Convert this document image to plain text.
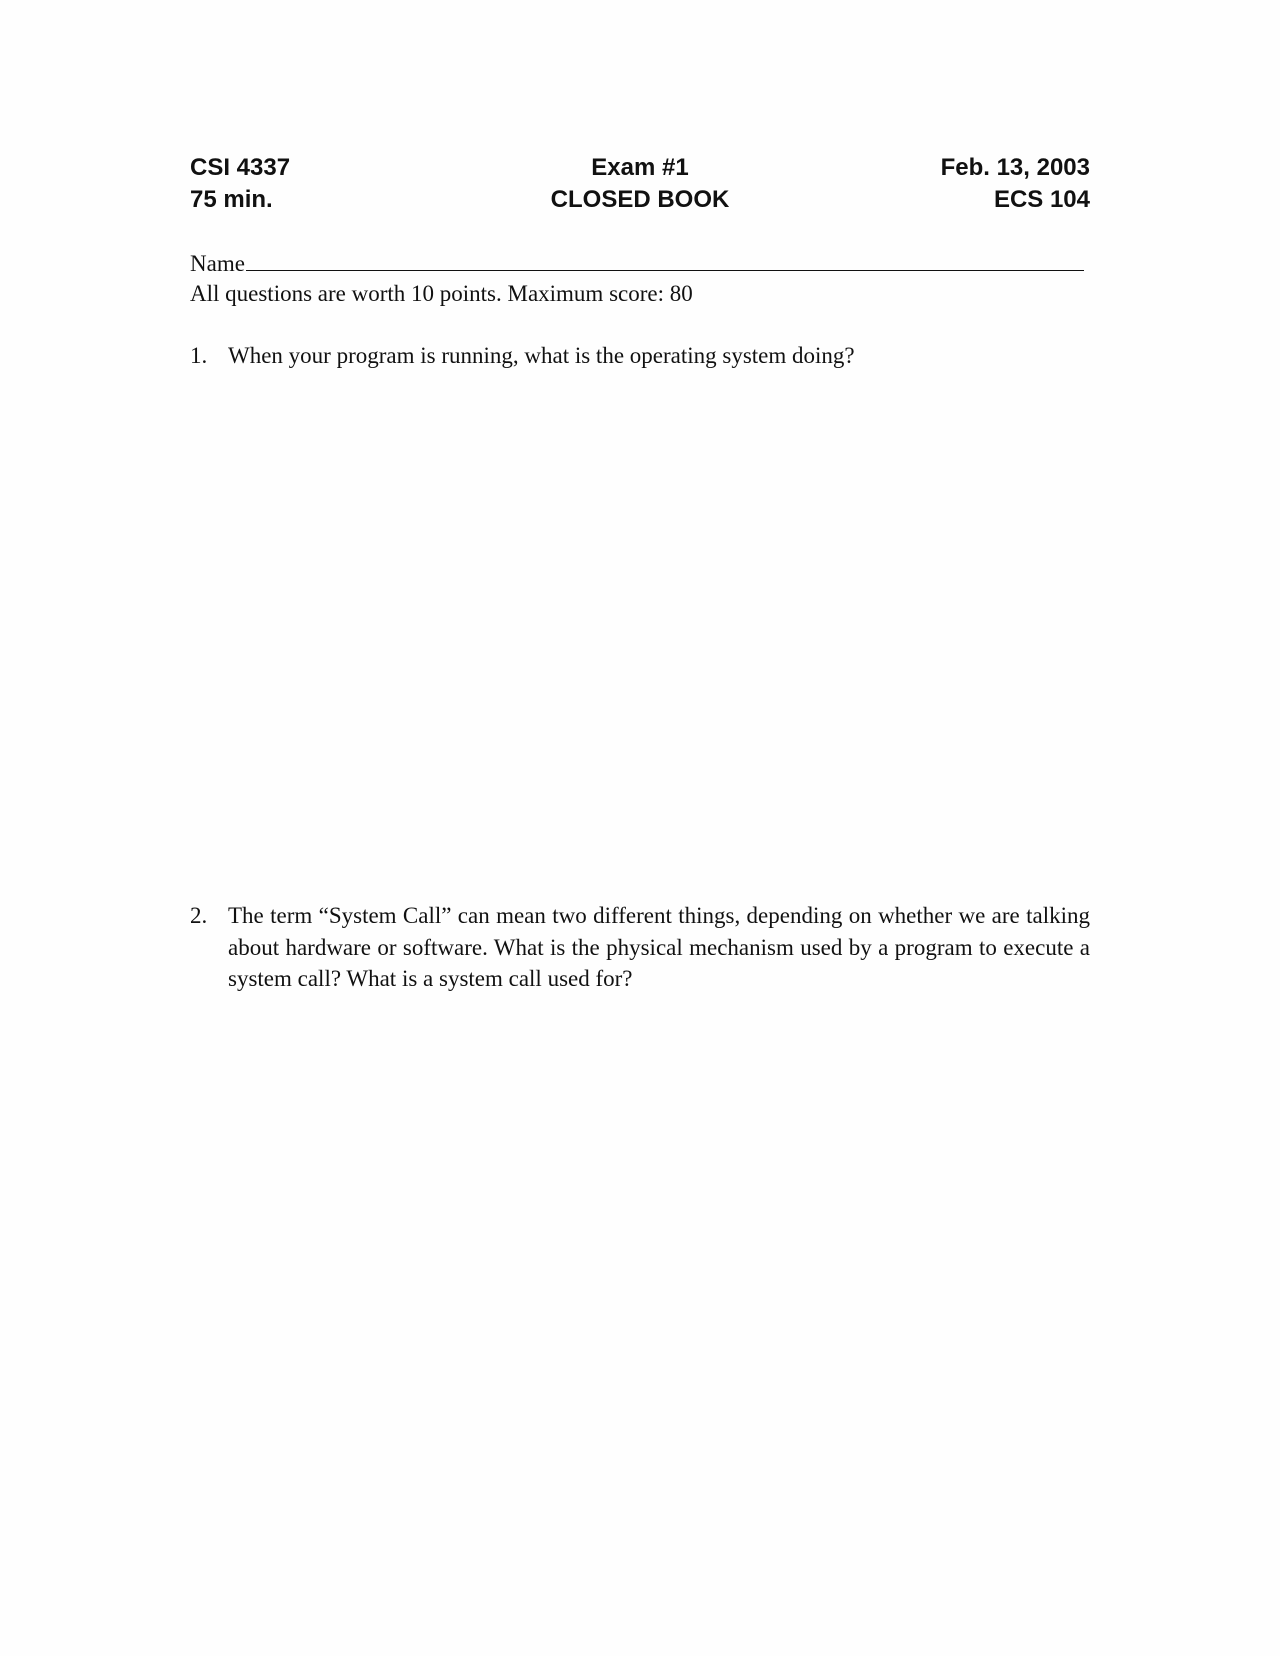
CSI 4337
75 min.
Exam #1
CLOSED BOOK
Feb. 13, 2003
ECS 104
Name
All questions are worth 10 points. Maximum score: 80
1. When your program is running, what is the operating system doing?
2. The term “System Call” can mean two different things, depending on whether we are talking about hardware or software. What is the physical mechanism used by a program to execute a system call? What is a system call used for?
